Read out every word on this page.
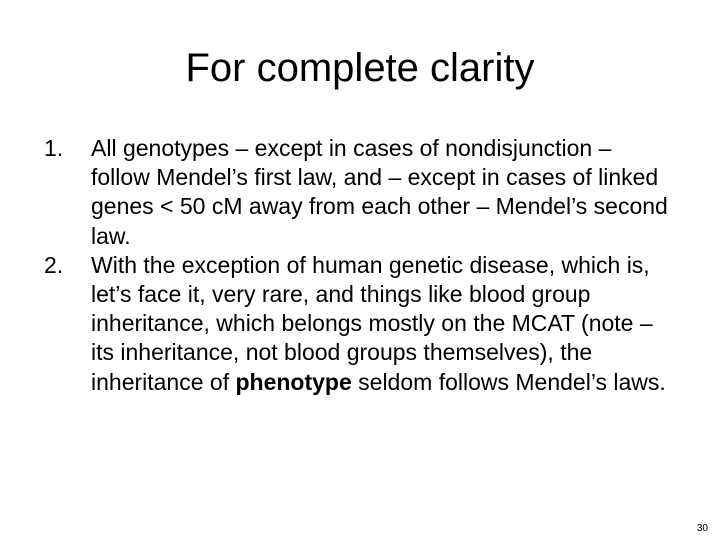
For complete clarity
1. All genotypes – except in cases of nondisjunction – follow Mendel’s first law, and – except in cases of linked genes < 50 cM away from each other – Mendel’s second law.
2. With the exception of human genetic disease, which is, let’s face it, very rare, and things like blood group inheritance, which belongs mostly on the MCAT (note – its inheritance, not blood groups themselves), the inheritance of phenotype seldom follows Mendel’s laws.
30
